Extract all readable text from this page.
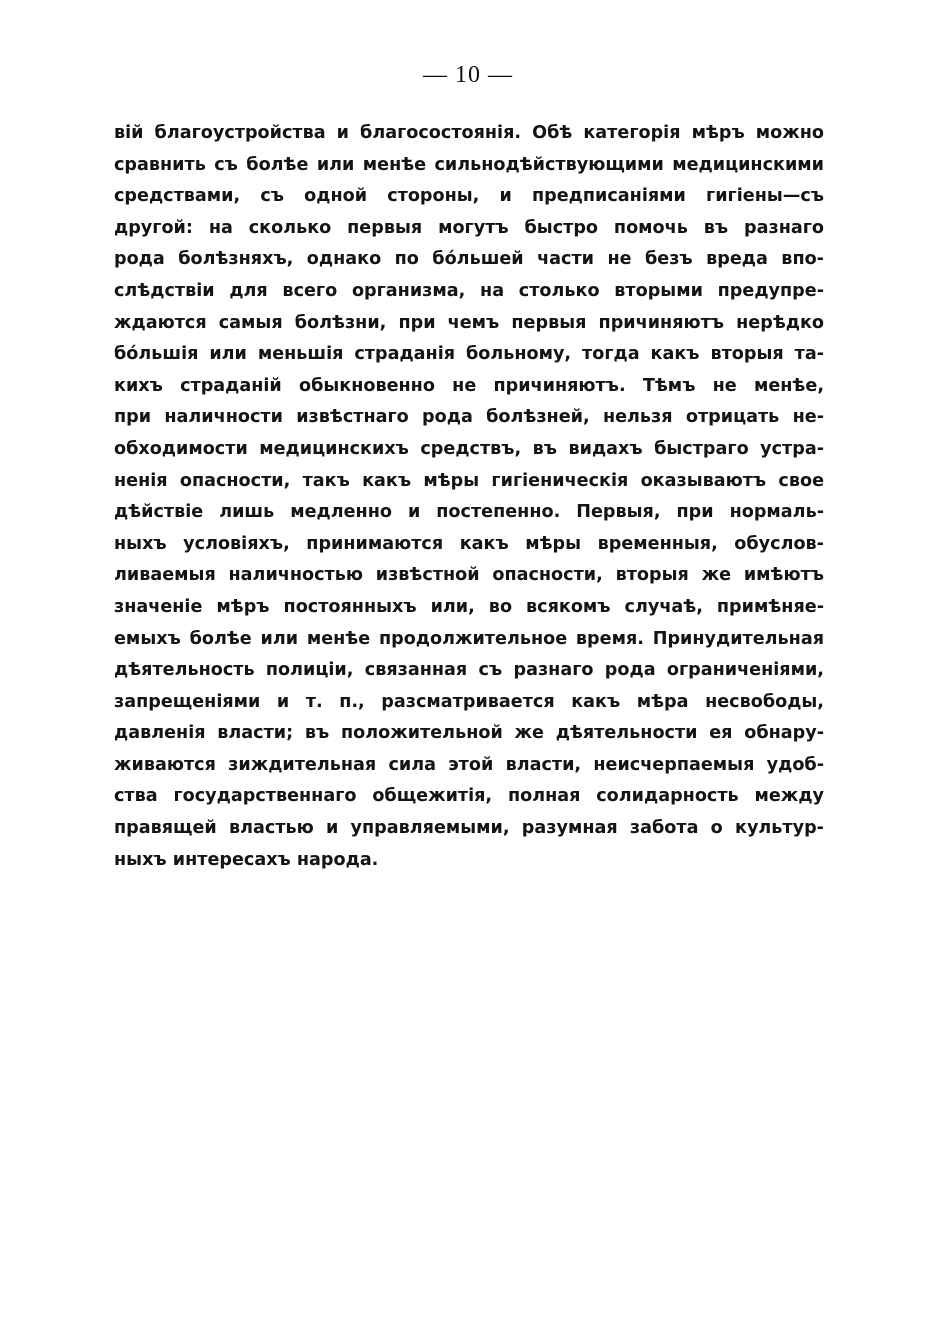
— 10 —
вій благоустройства и благосостоянія. Обѣ категорія мѣръ можно
сравнить съ болѣе или менѣе сильнодѣйствующими медицинскими
средствами, съ одной стороны, и предписаніями гигіены—съ
другой: на сколько первыя могутъ быстро помочь въ разнаго
рода болѣзняхъ, однако по бо́льшей части не безъ вреда впо-
слѣдствіи для всего организма, на столько вторыми предупре-
ждаются самыя болѣзни, при чемъ первыя причиняютъ нерѣдко
бо́льшія или меньшія страданія больному, тогда какъ вторыя та-
кихъ страданій обыкновенно не причиняютъ. Тѣмъ не менѣе,
при наличности извѣстнаго рода болѣзней, нельзя отрицать не-
обходимости медицинскихъ средствъ, въ видахъ быстраго устра-
ненія опасности, такъ какъ мѣры гигіеническія оказываютъ свое
дѣйствіе лишь медленно и постепенно. Первыя, при нормаль-
ныхъ условіяхъ, принимаются какъ мѣры временныя, обуслов-
ливаемыя наличностью извѣстной опасности, вторыя же имѣютъ
значеніе мѣръ постоянныхъ или, во всякомъ случаѣ, примѣняе-
емыхъ болѣе или менѣе продолжительное время. Принудительная
дѣятельность полиціи, связанная съ разнаго рода ограниченіями,
запрещеніями и т. п., разсматривается какъ мѣра несвободы,
давленія власти; въ положительной же дѣятельности ея обнару-
живаются зиждительная сила этой власти, неисчерпаемыя удоб-
ства государственнаго общежитія, полная солидарность между
правящей властью и управляемыми, разумная забота о культур-
ныхъ интересахъ народа.
